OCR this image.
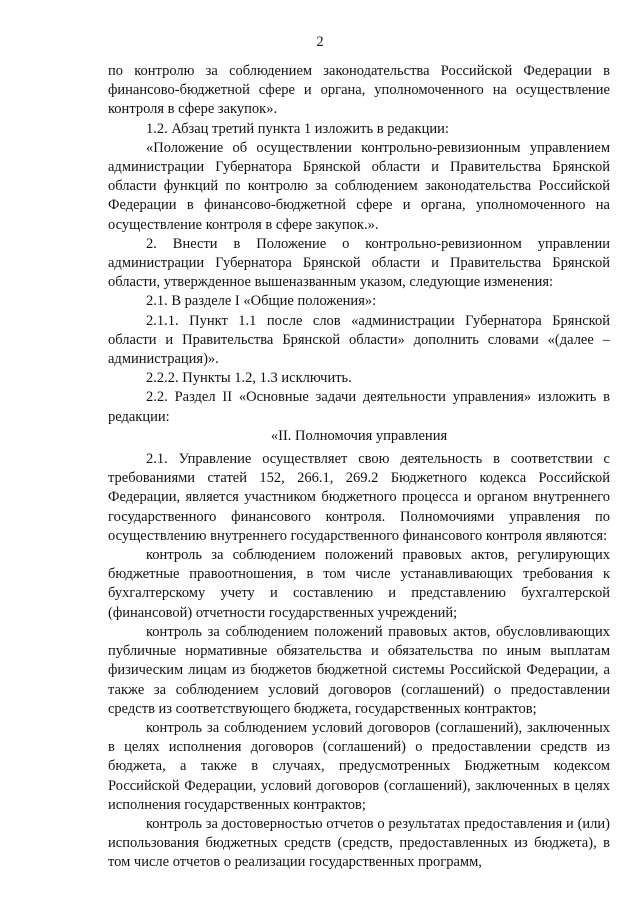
2

по контролю за соблюдением законодательства Российской Федерации в финансово-бюджетной сфере и органа, уполномоченного на осуществление контроля в сфере закупок».

1.2. Абзац третий пункта 1 изложить в редакции:

«Положение об осуществлении контрольно-ревизионным управлением администрации Губернатора Брянской области и Правительства Брянской области функций по контролю за соблюдением законодательства Российской Федерации в финансово-бюджетной сфере и органа, уполномоченного на осуществление контроля в сфере закупок.».

2. Внести в Положение о контрольно-ревизионном управлении администрации Губернатора Брянской области и Правительства Брянской области, утвержденное вышеназванным указом, следующие изменения:

2.1. В разделе I «Общие положения»:

2.1.1. Пункт 1.1 после слов «администрации Губернатора Брянской области и Правительства Брянской области» дополнить словами «(далее – администрация)».

2.2.2. Пункты 1.2, 1.3 исключить.

2.2. Раздел II «Основные задачи деятельности управления» изложить в редакции:

«II. Полномочия управления

2.1. Управление осуществляет свою деятельность в соответствии с требованиями статей 152, 266.1, 269.2 Бюджетного кодекса Российской Федерации, является участником бюджетного процесса и органом внутреннего государственного финансового контроля. Полномочиями управления по осуществлению внутреннего государственного финансового контроля являются:

контроль за соблюдением положений правовых актов, регулирующих бюджетные правоотношения, в том числе устанавливающих требования к бухгалтерскому учету и составлению и представлению бухгалтерской (финансовой) отчетности государственных учреждений;

контроль за соблюдением положений правовых актов, обусловливающих публичные нормативные обязательства и обязательства по иным выплатам физическим лицам из бюджетов бюджетной системы Российской Федерации, а также за соблюдением условий договоров (соглашений) о предоставлении средств из соответствующего бюджета, государственных контрактов;

контроль за соблюдением условий договоров (соглашений), заключенных в целях исполнения договоров (соглашений) о предоставлении средств из бюджета, а также в случаях, предусмотренных Бюджетным кодексом Российской Федерации, условий договоров (соглашений), заключенных в целях исполнения государственных контрактов;

контроль за достоверностью отчетов о результатах предоставления и (или) использования бюджетных средств (средств, предоставленных из бюджета), в том числе отчетов о реализации государственных программ,
